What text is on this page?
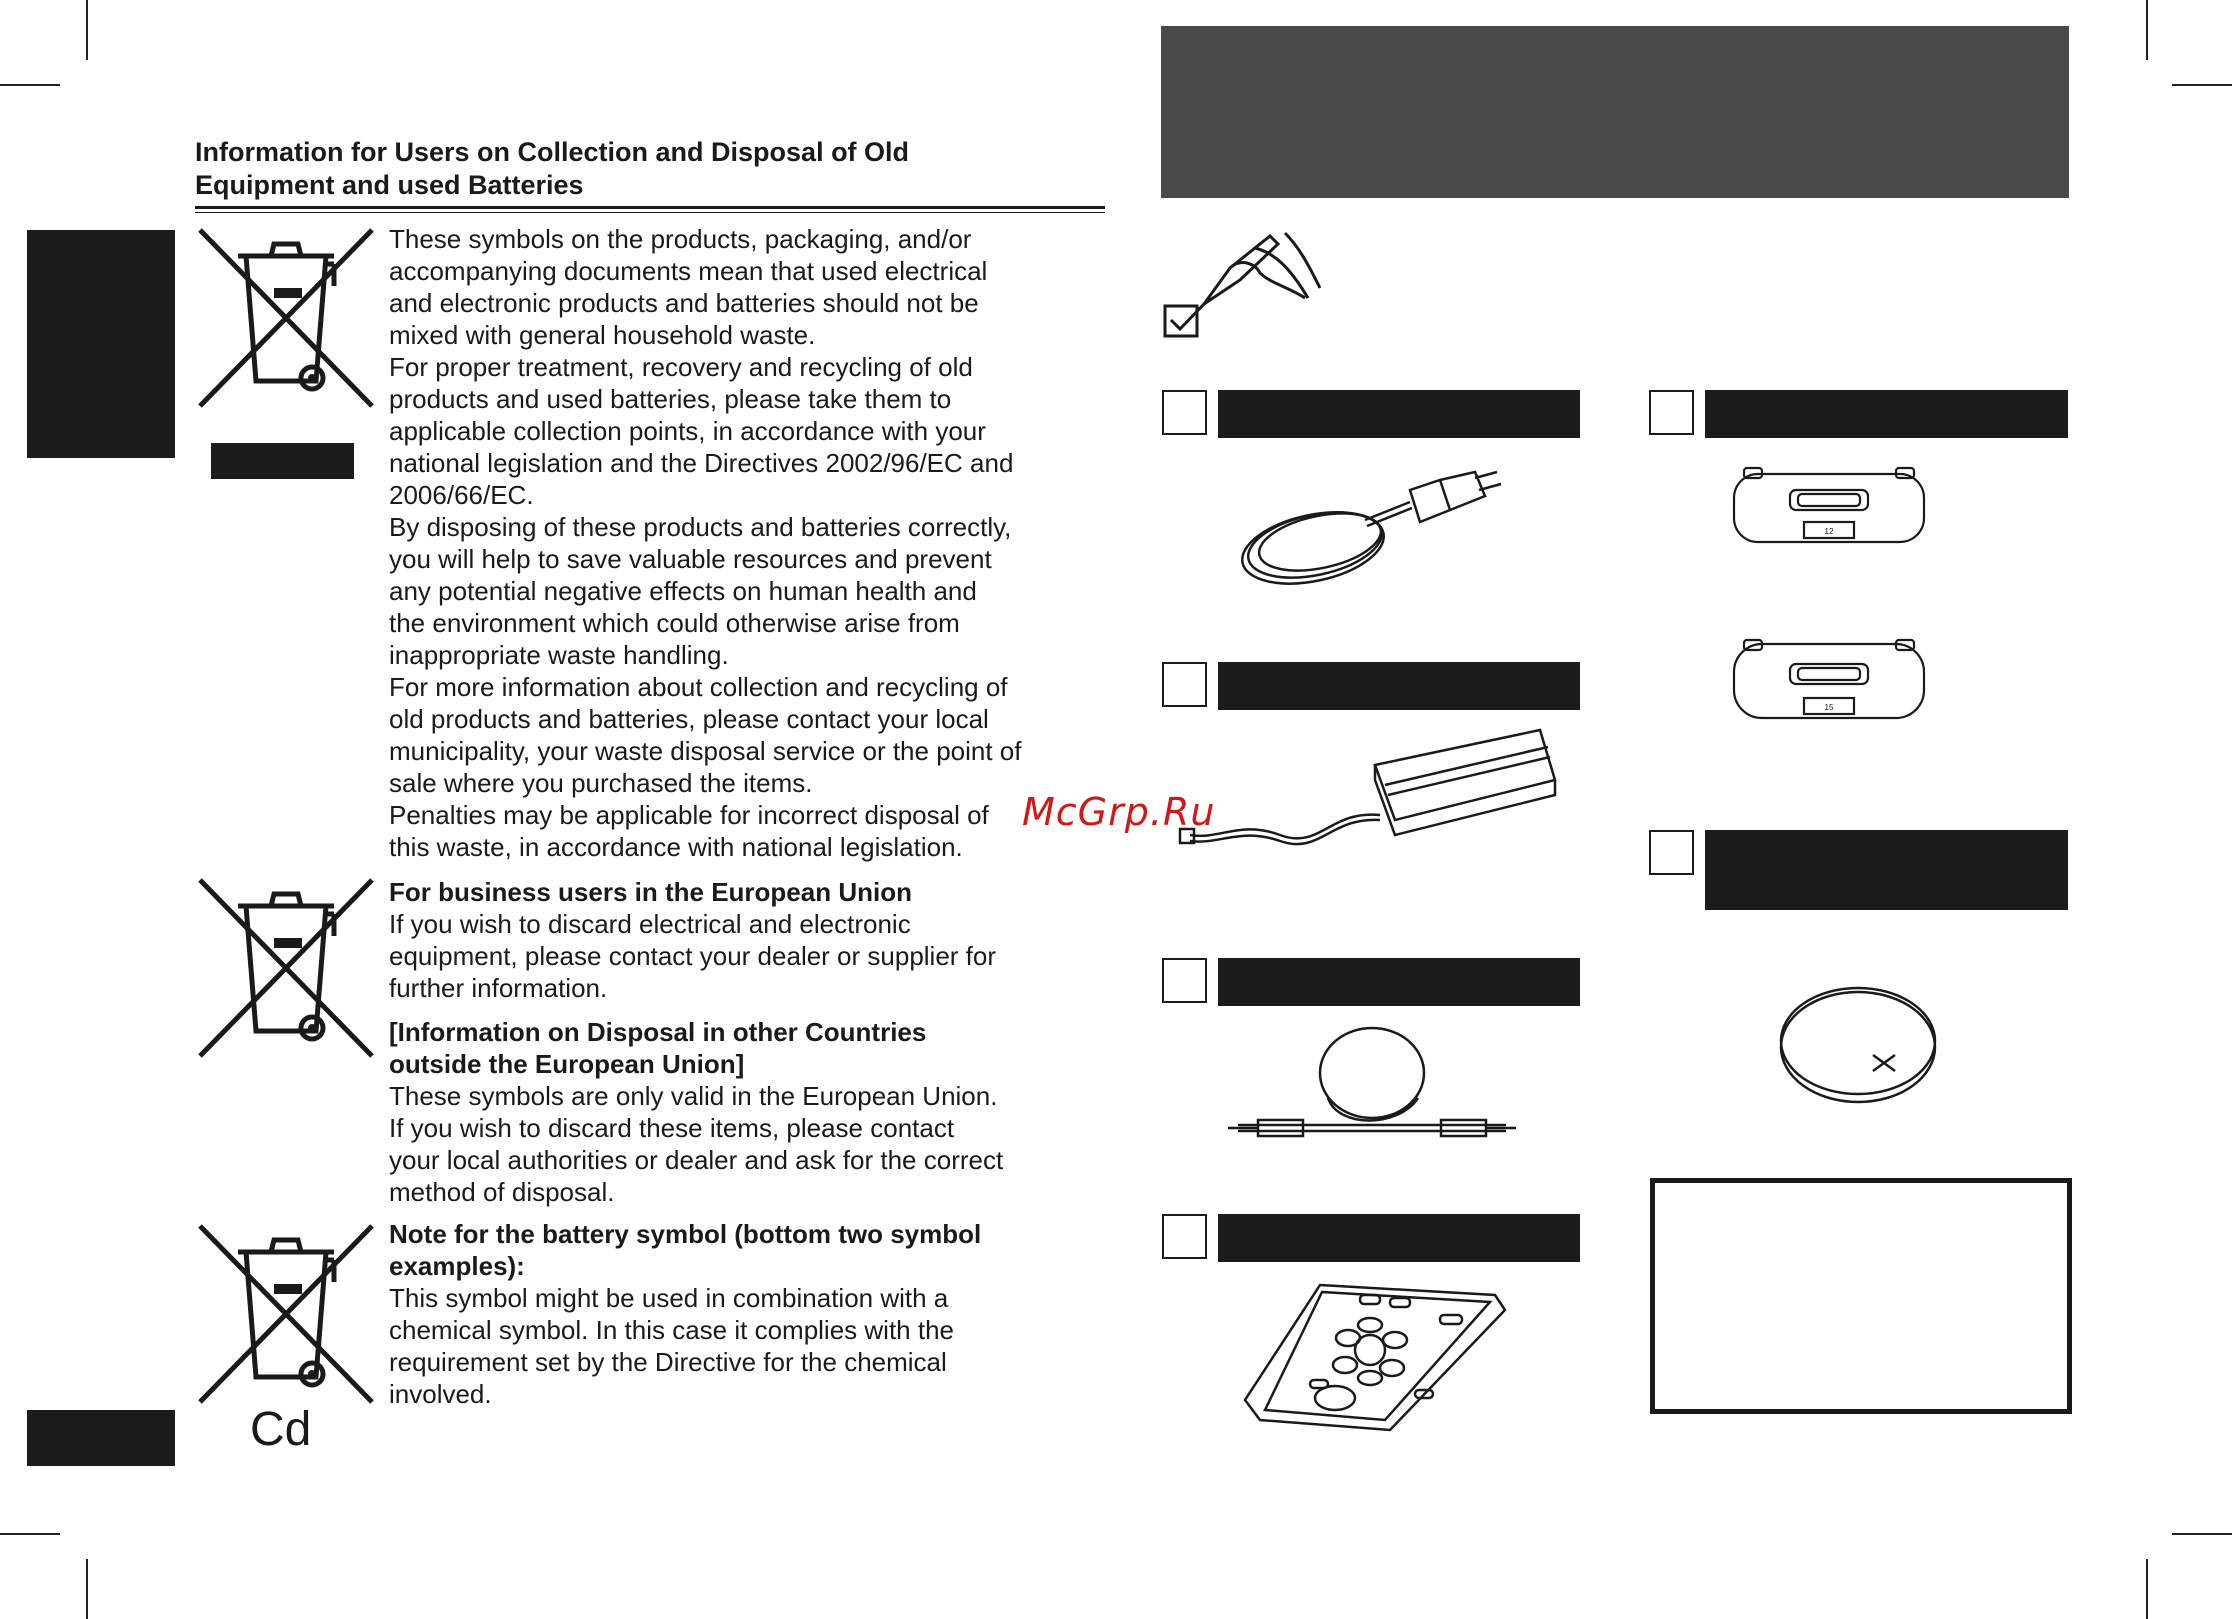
Information for Users on Collection and Disposal of Old
Equipment and used Batteries
Cd
These symbols on the products, packaging, and/or
accompanying documents mean that used electrical
and electronic products and batteries should not be
mixed with general household waste.
For proper treatment, recovery and recycling of old
products and used batteries, please take them to
applicable collection points, in accordance with your
national legislation and the Directives 2002/96/EC and
2006/66/EC.
By disposing of these products and batteries correctly,
you will help to save valuable resources and prevent
any potential negative effects on human health and
the environment which could otherwise arise from
inappropriate waste handling.
For more information about collection and recycling of
old products and batteries, please contact your local
municipality, your waste disposal service or the point of
sale where you purchased the items.
Penalties may be applicable for incorrect disposal of
this waste, in accordance with national legislation.
For business users in the European Union
If you wish to discard electrical and electronic
equipment, please contact your dealer or supplier for
further information.
[Information on Disposal in other Countries
outside the European Union]
These symbols are only valid in the European Union.
If you wish to discard these items, please contact
your local authorities or dealer and ask for the correct
method of disposal.
Note for the battery symbol (bottom two symbol
examples):
This symbol might be used in combination with a
chemical symbol. In this case it complies with the
requirement set by the Directive for the chemical
involved.
12
15
McGrp.Ru
